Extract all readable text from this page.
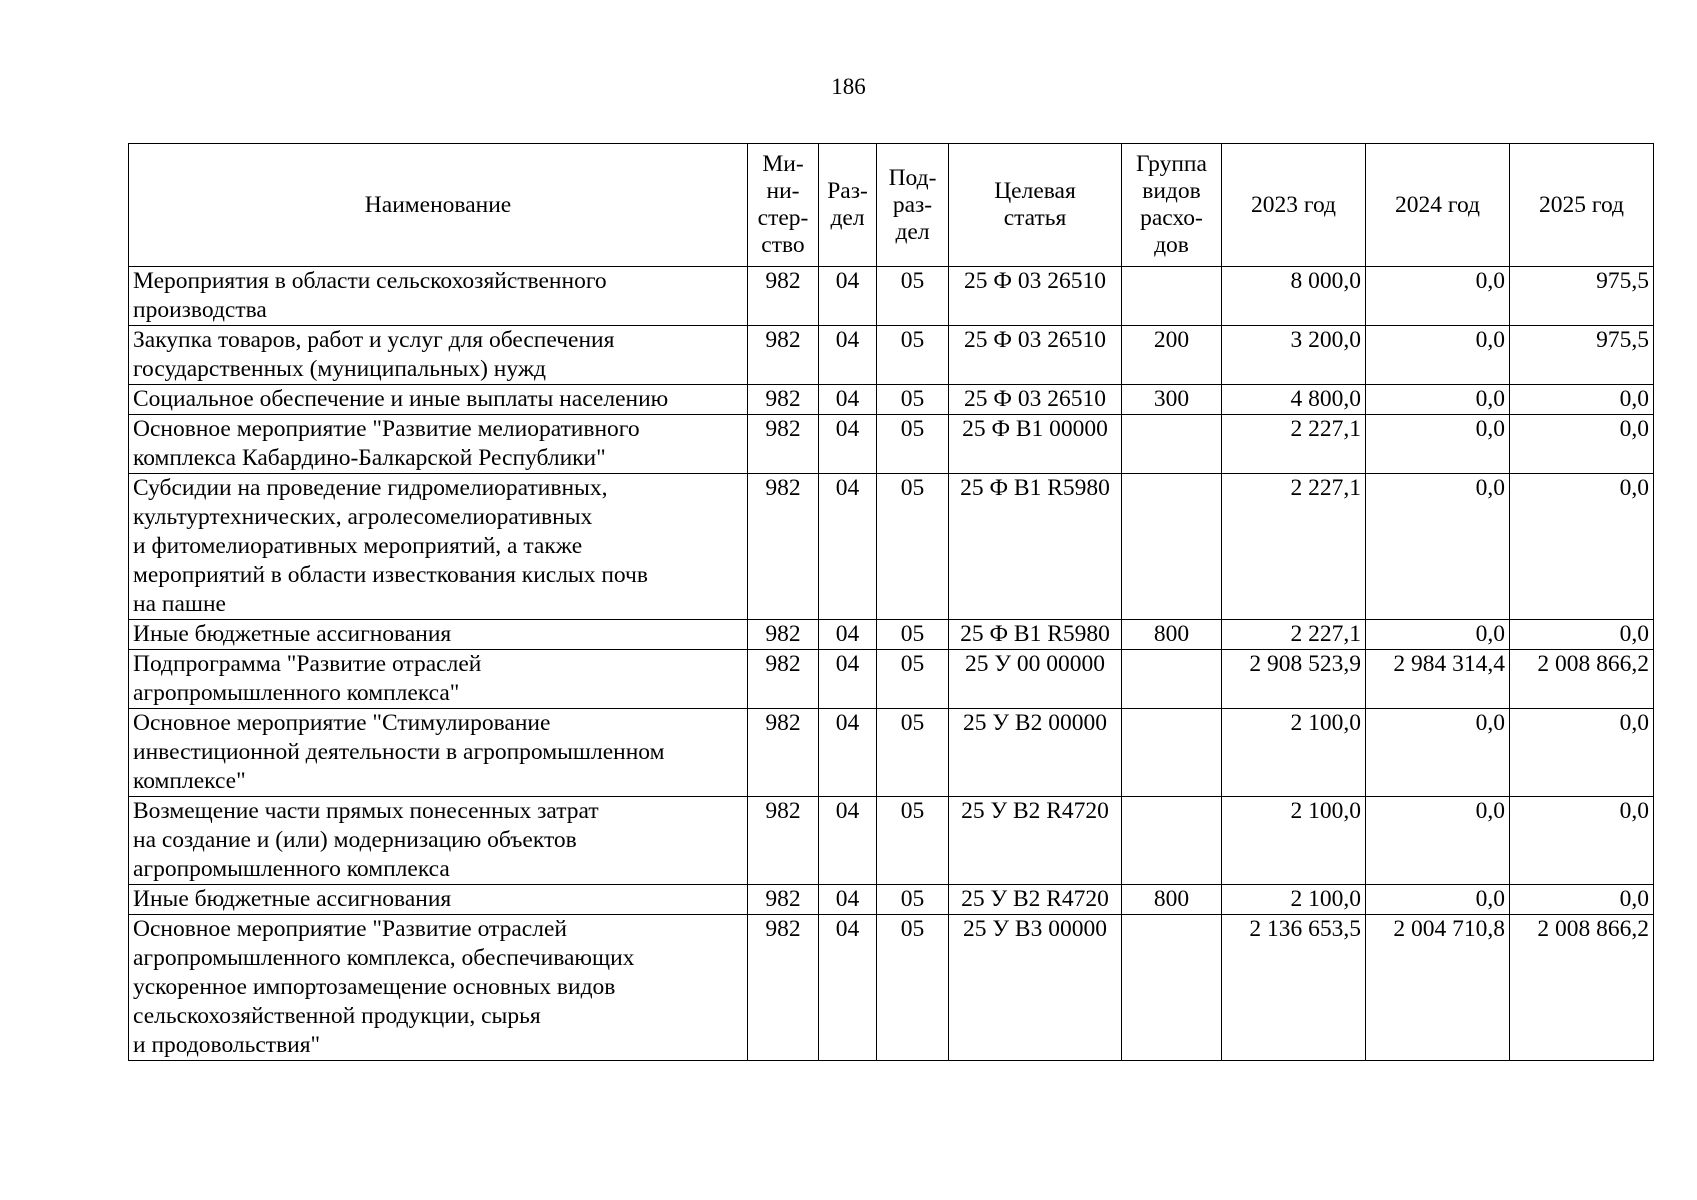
186
Наименование	Ми-
ни-
стер-
ство	Раз-
дел	Под-
раз-
дел	Целевая
статья	Группа
видов
расхо-
дов	2023 год	2024 год	2025 год
Мероприятия в области сельскохозяйственного
производства	982	04	05	25 Ф 03 26510		8 000,0	0,0	975,5
Закупка товаров, работ и услуг для обеспечения
государственных (муниципальных) нужд	982	04	05	25 Ф 03 26510	200	3 200,0	0,0	975,5
Социальное обеспечение и иные выплаты населению	982	04	05	25 Ф 03 26510	300	4 800,0	0,0	0,0
Основное мероприятие "Развитие мелиоративного
комплекса Кабардино-Балкарской Республики"	982	04	05	25 Ф В1 00000		2 227,1	0,0	0,0
Субсидии на проведение гидромелиоративных,
культуртехнических, агролесомелиоративных
и фитомелиоративных мероприятий, а также
мероприятий в области известкования кислых почв
на пашне	982	04	05	25 Ф В1 R5980		2 227,1	0,0	0,0
Иные бюджетные ассигнования	982	04	05	25 Ф В1 R5980	800	2 227,1	0,0	0,0
Подпрограмма "Развитие отраслей
агропромышленного комплекса"	982	04	05	25 У 00 00000		2 908 523,9	2 984 314,4	2 008 866,2
Основное мероприятие "Стимулирование
инвестиционной деятельности в агропромышленном
комплексе"	982	04	05	25 У В2 00000		2 100,0	0,0	0,0
Возмещение части прямых понесенных затрат
на создание и (или) модернизацию объектов
агропромышленного комплекса	982	04	05	25 У В2 R4720		2 100,0	0,0	0,0
Иные бюджетные ассигнования	982	04	05	25 У В2 R4720	800	2 100,0	0,0	0,0
Основное мероприятие "Развитие отраслей
агропромышленного комплекса, обеспечивающих
ускоренное импортозамещение основных видов
сельскохозяйственной продукции, сырья
и продовольствия"	982	04	05	25 У В3 00000		2 136 653,5	2 004 710,8	2 008 866,2
